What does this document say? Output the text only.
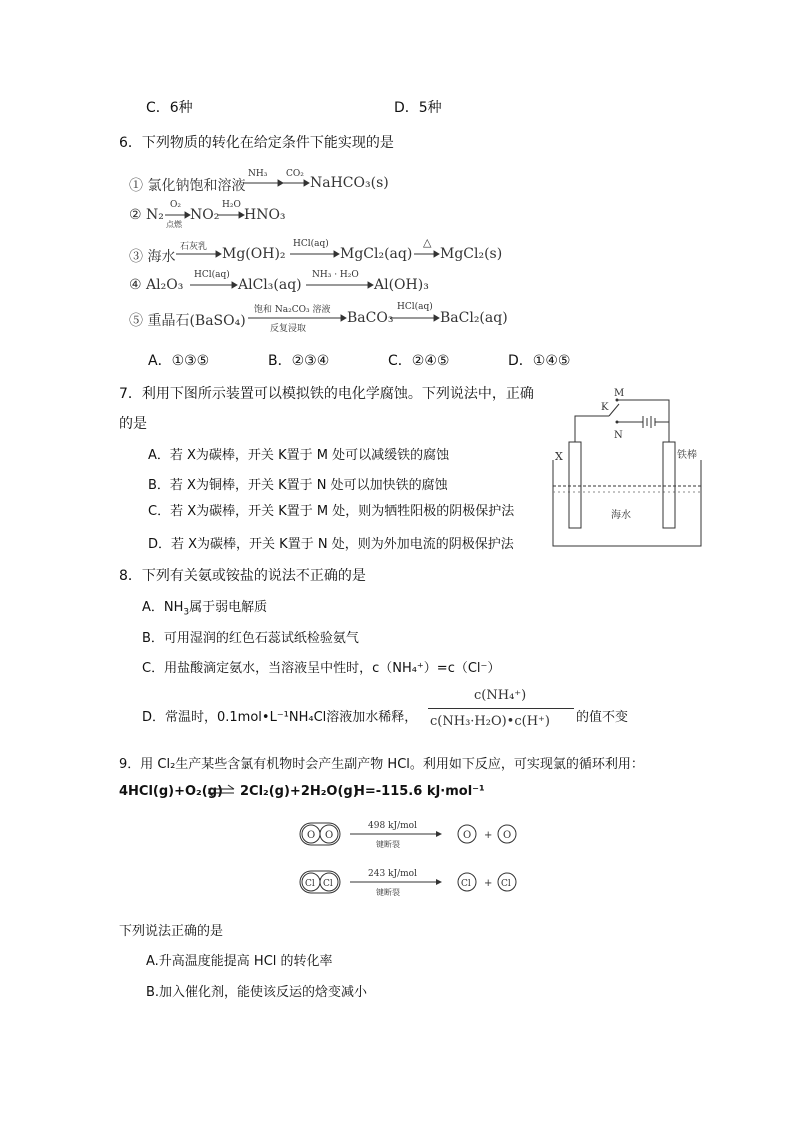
C．6种	D．5种
6．下列物质的转化在给定条件下能实现的是
① 氯化钠饱和溶液
NH₃ CO₂
NaHCO₃(s)
② N₂
O₂
点燃
NO₂
H₂O
HNO₃
③ 海水
石灰乳 Mg(OH)₂
HCl(aq)
MgCl₂(aq)
△
MgCl₂(s)
④ Al₂O₃
HCl(aq)
AlCl₃(aq)
NH₃ · H₂O
Al(OH)₃
⑤ 重晶石(BaSO₄)
饱和 Na₂CO₃ 溶液
反复浸取
BaCO₃
HCl(aq)
BaCl₂(aq)
A．①③⑤	B．②③④	C．②④⑤	D．①④⑤
7．利用下图所示装置可以模拟铁的电化学腐蚀。下列说法中，正确
的是
A．若 X为碳棒，开关 K置于 M 处可以减缓铁的腐蚀
B．若 X为铜棒，开关 K置于 N 处可以加快铁的腐蚀
C．若 X为碳棒，开关 K置于 M 处，则为牺牲阳极的阴极保护法
D．若 X为碳棒，开关 K置于 N 处，则为外加电流的阴极保护法
M
K
N
X	铁棒
海水
8．下列有关氨或铵盐的说法不正确的是
A．$NH_3$属于弱电解质
B．可用湿润的红色石蕊试纸检验氨气
C．用盐酸滴定氨水，当溶液呈中性时，c（NH₄⁺）=c（Cl⁻）
D．常温时，0.1mol•L⁻¹NH₄Cl溶液加水稀释，
c(NH₄⁺)
c(NH₃·H₂O)•c(H⁺) 的值不变
9．用 Cl₂生产某些含氯有机物时会产生副产物 HCl。利用如下反应，可实现氯的循环利用：
4HCl(g)+O₂(g) ⇌ 2Cl₂(g)+2H₂O(g)
H=-115.6 kJ·mol⁻¹
O O	O + O
498 kJ/mol
键断裂
Cl Cl	Cl + Cl
243 kJ/mol
键断裂
下列说法正确的是
A.升高温度能提高 HCl 的转化率
B.加入催化剂，能使该反运的焓变减小
